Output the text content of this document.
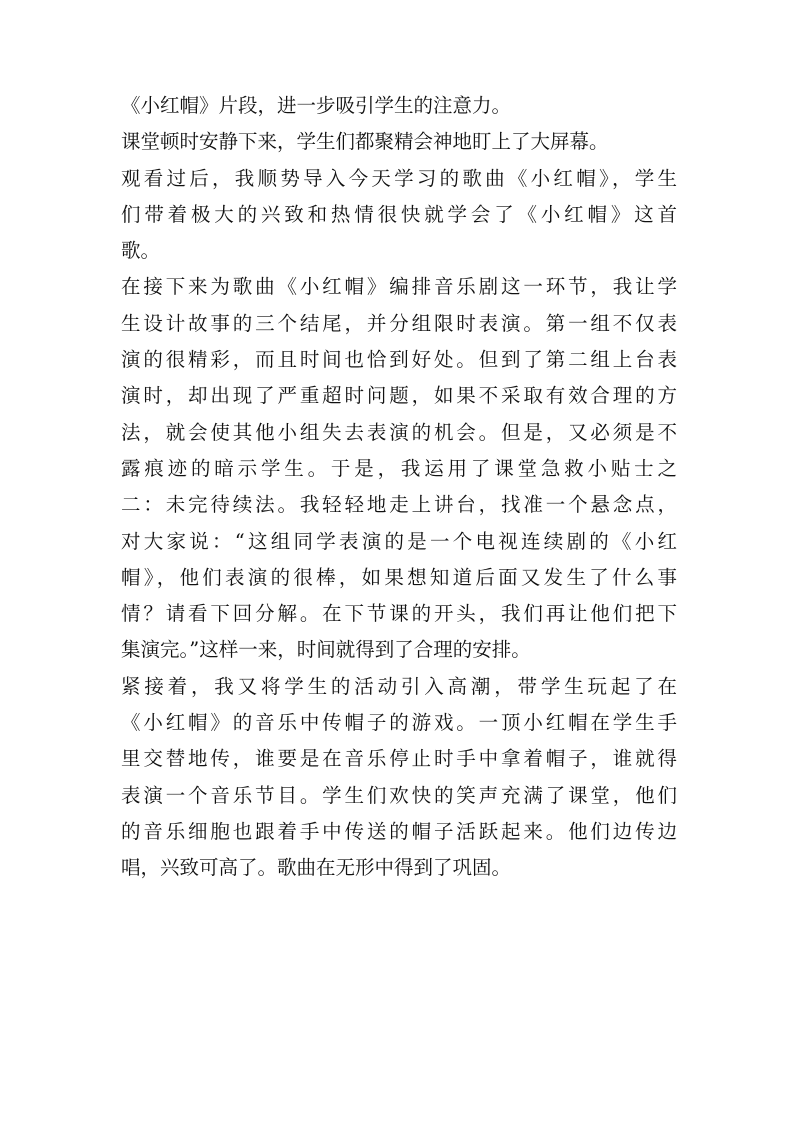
《小红帽》片段，进一步吸引学生的注意力。
课堂顿时安静下来，学生们都聚精会神地盯上了大屏幕。
观看过后，我顺势导入今天学习的歌曲《小红帽》，学生
们带着极大的兴致和热情很快就学会了《小红帽》这首
歌。
在接下来为歌曲《小红帽》编排音乐剧这一环节，我让学
生设计故事的三个结尾，并分组限时表演。第一组不仅表
演的很精彩，而且时间也恰到好处。但到了第二组上台表
演时，却出现了严重超时问题，如果不采取有效合理的方
法，就会使其他小组失去表演的机会。但是，又必须是不
露痕迹的暗示学生。于是，我运用了课堂急救小贴士之
二：未完待续法。我轻轻地走上讲台，找准一个悬念点，
对大家说：“这组同学表演的是一个电视连续剧的《小红
帽》，他们表演的很棒，如果想知道后面又发生了什么事
情？请看下回分解。在下节课的开头，我们再让他们把下
集演完。”这样一来，时间就得到了合理的安排。
紧接着，我又将学生的活动引入高潮，带学生玩起了在
《小红帽》的音乐中传帽子的游戏。一顶小红帽在学生手
里交替地传，谁要是在音乐停止时手中拿着帽子，谁就得
表演一个音乐节目。学生们欢快的笑声充满了课堂，他们
的音乐细胞也跟着手中传送的帽子活跃起来。他们边传边
唱，兴致可高了。歌曲在无形中得到了巩固。
